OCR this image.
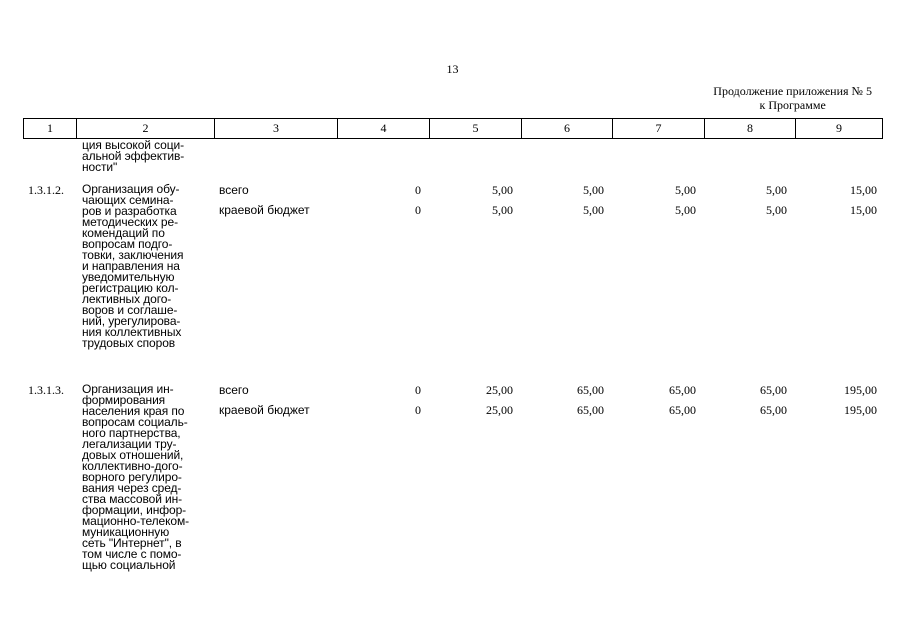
13
Продолжение приложения № 5
к Программе
1	2	3	4	5	6	7	8	9
ция высокой соци-
альной эффектив-
ности"
1.3.1.2. Организация обу-
чающих семина-
ров и разработка
методических ре-
комендаций по
вопросам подго-
товки, заключения
и направления на
уведомительную
регистрацию кол-
лективных дого-
воров и соглаше-
ний, урегулирова-
ния коллективных
трудовых споров
всего	0	5,00	5,00	5,00	5,00	15,00
краевой бюджет	0	5,00	5,00	5,00	5,00	15,00
1.3.1.3. Организация ин-
формирования
населения края по
вопросам социаль-
ного партнерства,
легализации тру-
довых отношений,
коллективно-дого-
ворного регулиро-
вания через сред-
ства массовой ин-
формации, инфор-
мационно-телеком-
муникационную
сеть "Интернет", в
том числе с помо-
щью социальной
всего	0	25,00	65,00	65,00	65,00	195,00
краевой бюджет	0	25,00	65,00	65,00	65,00	195,00
